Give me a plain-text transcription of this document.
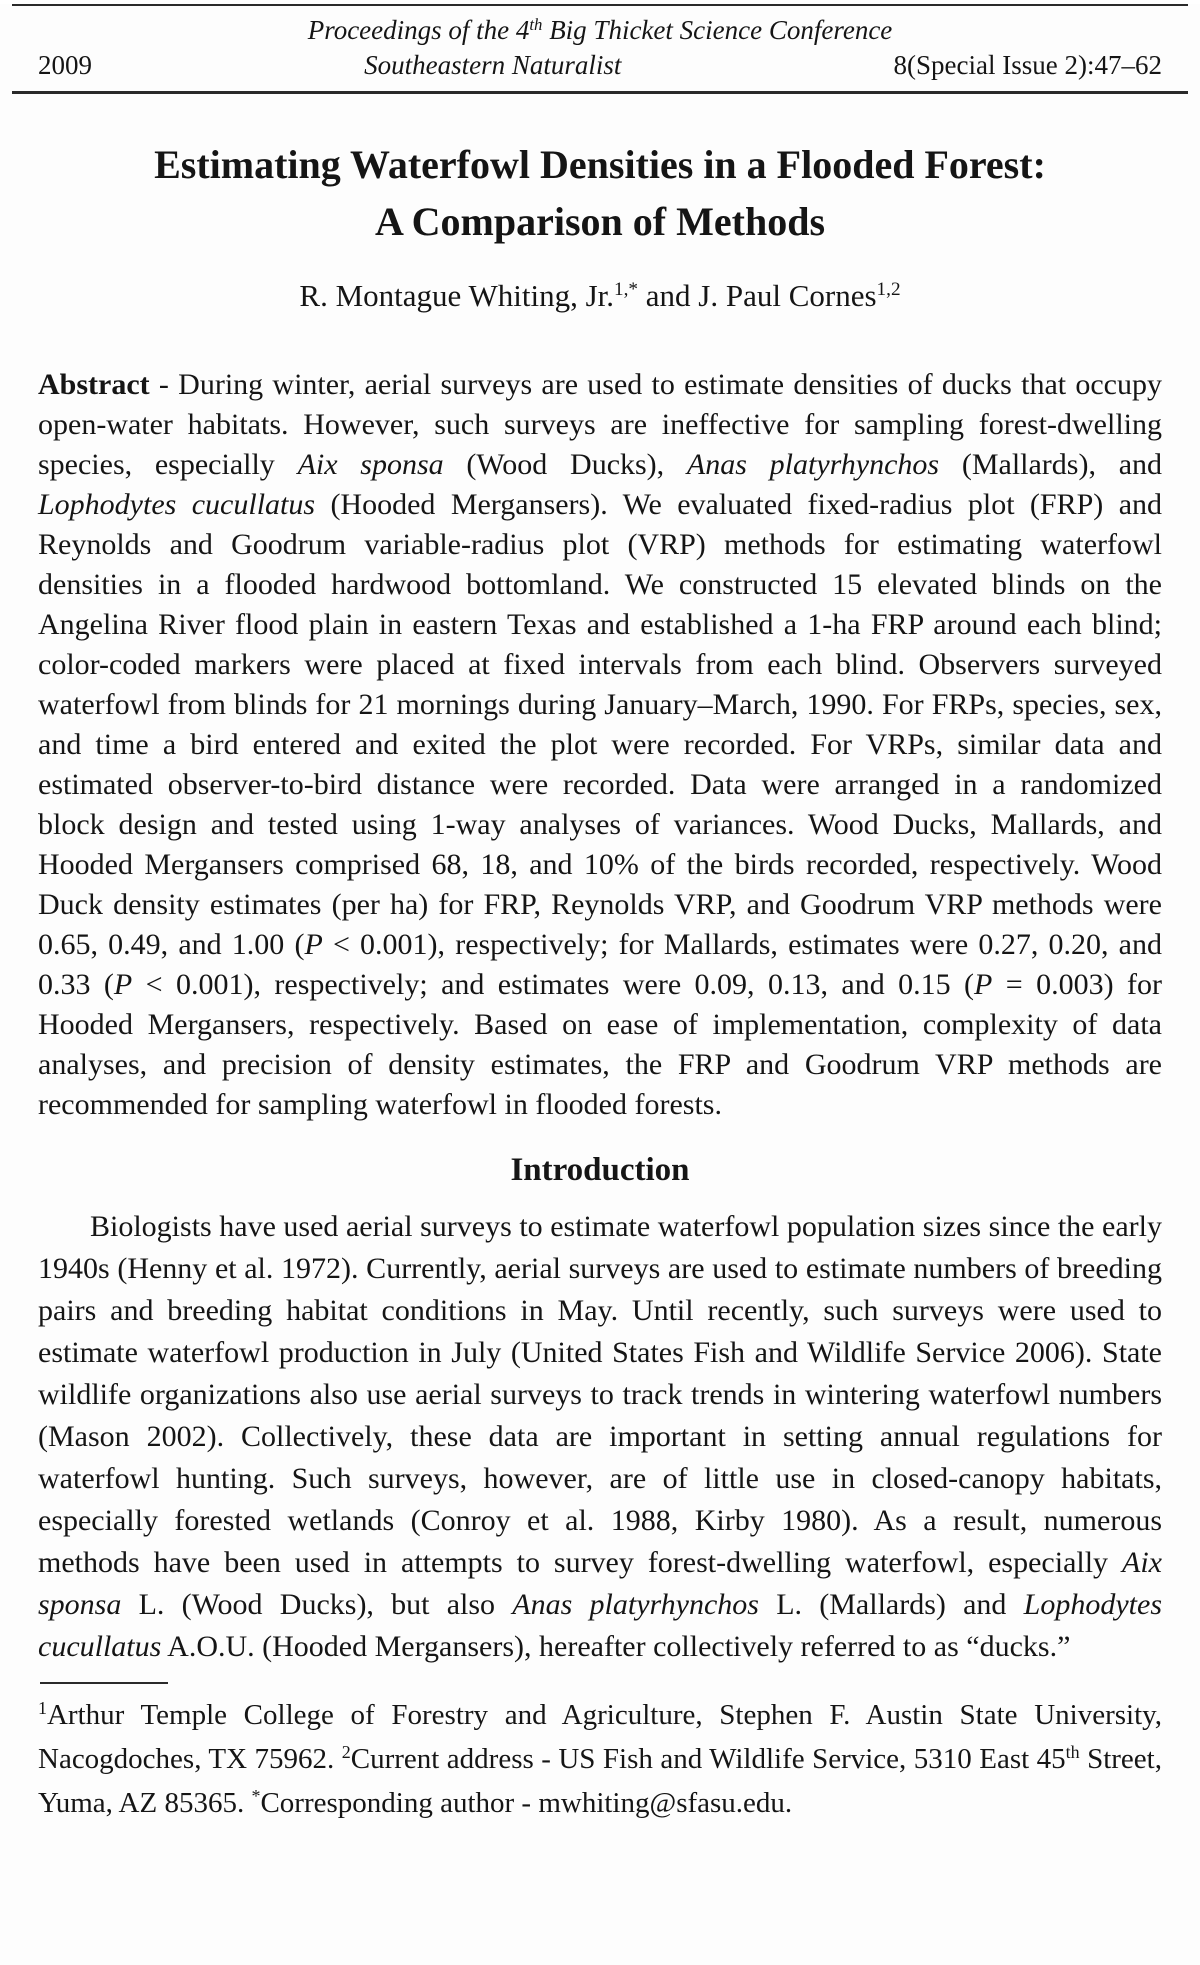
Proceedings of the 4th Big Thicket Science Conference
2009	Southeastern Naturalist	8(Special Issue 2):47–62
Estimating Waterfowl Densities in a Flooded Forest:
A Comparison of Methods
R. Montague Whiting, Jr.$^{1,*}$ and J. Paul Cornes$^{1,2}$

Abstract - During winter, aerial surveys are used to estimate densities of ducks that occupy open-water habitats. However, such surveys are ineffective for sampling forest-dwelling species, especially Aix sponsa (Wood Ducks), Anas platyrhynchos (Mallards), and Lophodytes cucullatus (Hooded Mergansers). We evaluated fixed-radius plot (FRP) and Reynolds and Goodrum variable-radius plot (VRP) methods for estimating waterfowl densities in a flooded hardwood bottomland. We constructed 15 elevated blinds on the Angelina River flood plain in eastern Texas and established a 1-ha FRP around each blind; color-coded markers were placed at fixed intervals from each blind. Observers surveyed waterfowl from blinds for 21 mornings during January–March, 1990. For FRPs, species, sex, and time a bird entered and exited the plot were recorded. For VRPs, similar data and estimated observer-to-bird distance were recorded. Data were arranged in a randomized block design and tested using 1-way analyses of variances. Wood Ducks, Mallards, and Hooded Mergansers comprised 68, 18, and 10% of the birds recorded, respectively. Wood Duck density estimates (per ha) for FRP, Reynolds VRP, and Goodrum VRP methods were 0.65, 0.49, and 1.00 (P < 0.001), respectively; for Mallards, estimates were 0.27, 0.20, and 0.33 (P < 0.001), respectively; and estimates were 0.09, 0.13, and 0.15 (P = 0.003) for Hooded Mergansers, respectively. Based on ease of implementation, complexity of data analyses, and precision of density estimates, the FRP and Goodrum VRP methods are recommended for sampling waterfowl in flooded forests.

Introduction

Biologists have used aerial surveys to estimate waterfowl population sizes since the early 1940s (Henny et al. 1972). Currently, aerial surveys are used to estimate numbers of breeding pairs and breeding habitat conditions in May. Until recently, such surveys were used to estimate waterfowl production in July (United States Fish and Wildlife Service 2006). State wildlife organizations also use aerial surveys to track trends in wintering waterfowl numbers (Mason 2002). Collectively, these data are important in setting annual regulations for waterfowl hunting. Such surveys, however, are of little use in closed-canopy habitats, especially forested wetlands (Conroy et al. 1988, Kirby 1980). As a result, numerous methods have been used in attempts to survey forest-dwelling waterfowl, especially Aix sponsa L. (Wood Ducks), but also Anas platyrhynchos L. (Mallards) and Lophodytes cucullatus A.O.U. (Hooded Mergansers), hereafter collectively referred to as “ducks.”

$^1$Arthur Temple College of Forestry and Agriculture, Stephen F. Austin State University, Nacogdoches, TX 75962. $^2$Current address - US Fish and Wildlife Service, 5310 East 45th Street, Yuma, AZ 85365. *Corresponding author - mwhiting@sfasu.edu.
